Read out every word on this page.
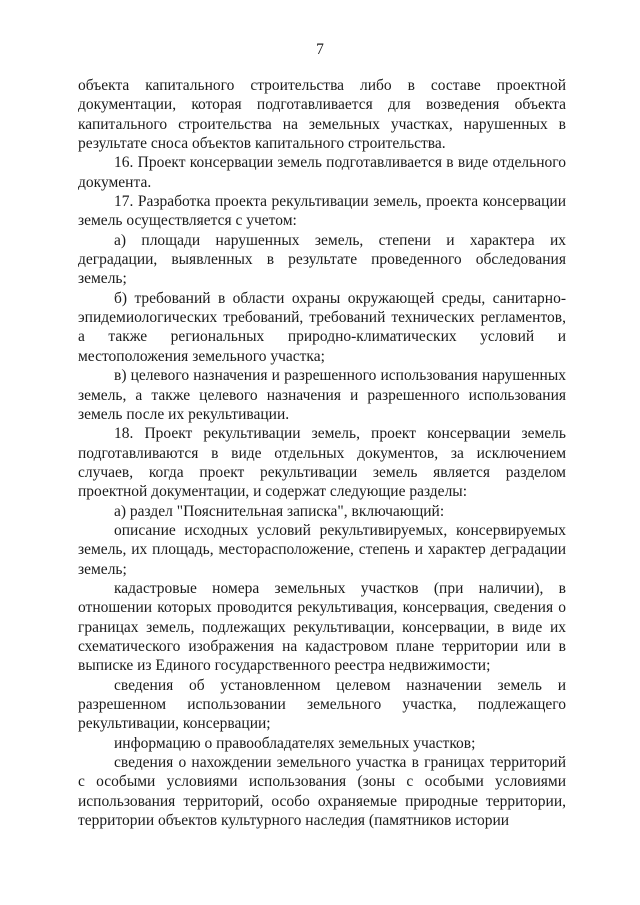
7

объекта капитального строительства либо в составе проектной документации, которая подготавливается для возведения объекта капитального строительства на земельных участках, нарушенных в результате сноса объектов капитального строительства.

16. Проект консервации земель подготавливается в виде отдельного документа.

17. Разработка проекта рекультивации земель, проекта консервации земель осуществляется с учетом:

а) площади нарушенных земель, степени и характера их деградации, выявленных в результате проведенного обследования земель;

б) требований в области охраны окружающей среды, санитарно-эпидемиологических требований, требований технических регламентов, а также региональных природно-климатических условий и местоположения земельного участка;

в) целевого назначения и разрешенного использования нарушенных земель, а также целевого назначения и разрешенного использования земель после их рекультивации.

18. Проект рекультивации земель, проект консервации земель подготавливаются в виде отдельных документов, за исключением случаев, когда проект рекультивации земель является разделом проектной документации, и содержат следующие разделы:

а) раздел "Пояснительная записка", включающий:

описание исходных условий рекультивируемых, консервируемых земель, их площадь, месторасположение, степень и характер деградации земель;

кадастровые номера земельных участков (при наличии), в отношении которых проводится рекультивация, консервация, сведения о границах земель, подлежащих рекультивации, консервации, в виде их схематического изображения на кадастровом плане территории или в выписке из Единого государственного реестра недвижимости;

сведения об установленном целевом назначении земель и разрешенном использовании земельного участка, подлежащего рекультивации, консервации;

информацию о правообладателях земельных участков;

сведения о нахождении земельного участка в границах территорий с особыми условиями использования (зоны с особыми условиями использования территорий, особо охраняемые природные территории, территории объектов культурного наследия (памятников истории
